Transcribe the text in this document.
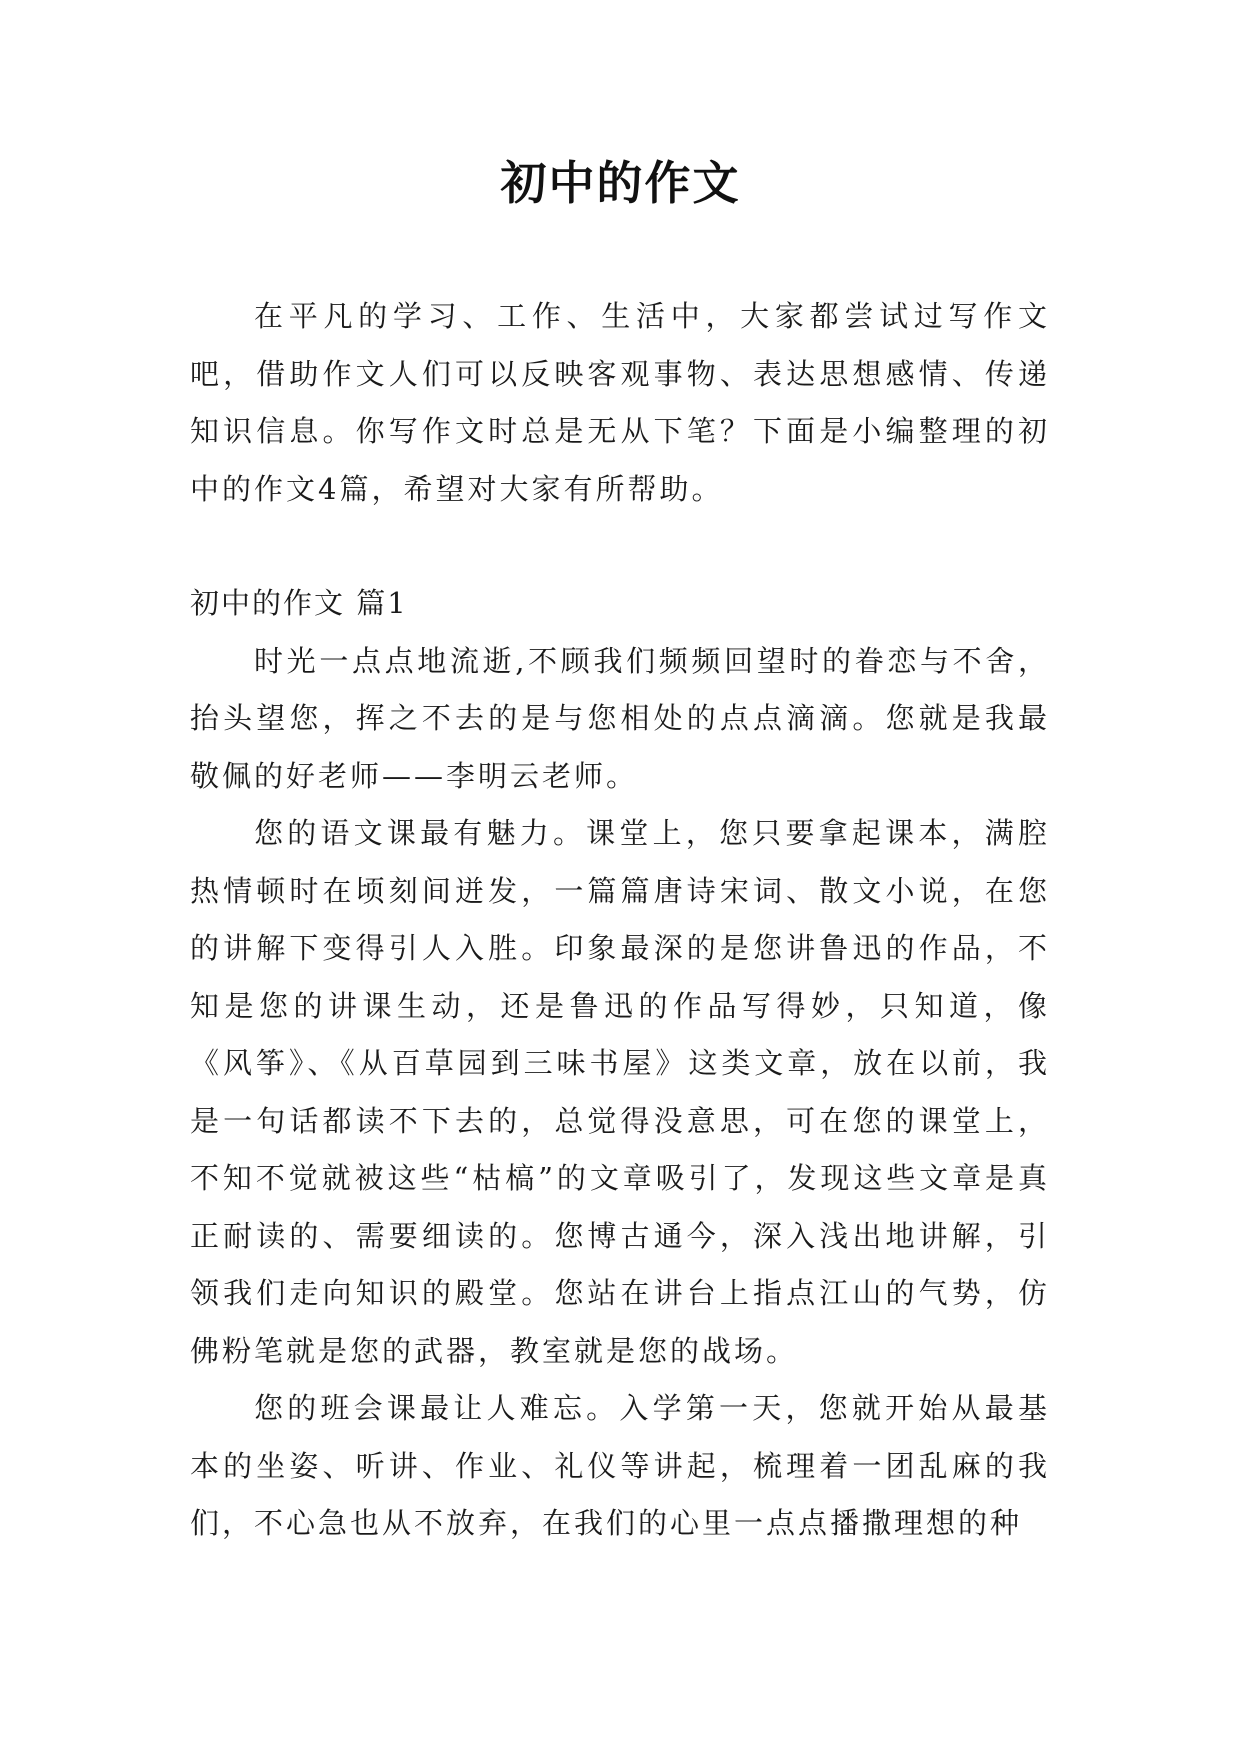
初中的作文

在平凡的学习、工作、生活中，大家都尝试过写作文吧，借助作文人们可以反映客观事物、表达思想感情、传递知识信息。你写作文时总是无从下笔？下面是小编整理的初中的作文4篇，希望对大家有所帮助。

初中的作文 篇1

时光一点点地流逝,不顾我们频频回望时的眷恋与不舍，抬头望您，挥之不去的是与您相处的点点滴滴。您就是我最敬佩的好老师——李明云老师。

您的语文课最有魅力。课堂上，您只要拿起课本，满腔热情顿时在顷刻间迸发，一篇篇唐诗宋词、散文小说，在您的讲解下变得引人入胜。印象最深的是您讲鲁迅的作品，不知是您的讲课生动，还是鲁迅的作品写得妙，只知道，像《风筝》、《从百草园到三味书屋》这类文章，放在以前，我是一句话都读不下去的，总觉得没意思，可在您的课堂上，不知不觉就被这些“枯槁”的文章吸引了，发现这些文章是真正耐读的、需要细读的。您博古通今，深入浅出地讲解，引领我们走向知识的殿堂。您站在讲台上指点江山的气势，仿佛粉笔就是您的武器，教室就是您的战场。

您的班会课最让人难忘。入学第一天，您就开始从最基本的坐姿、听讲、作业、礼仪等讲起，梳理着一团乱麻的我们，不心急也从不放弃，在我们的心里一点点播撒理想的种
